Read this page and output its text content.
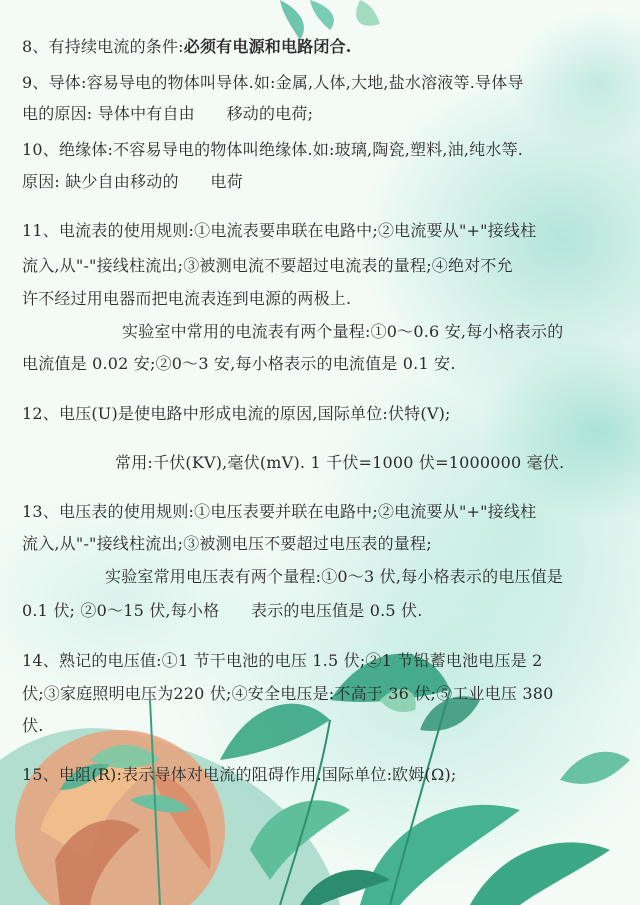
8、有持续电流的条件:必须有电源和电路闭合.
9、导体:容易导电的物体叫导体.如:金属,人体,大地,盐水溶液等.导体导
电的原因: 导体中有自由      移动的电荷;
10、绝缘体:不容易导电的物体叫绝缘体.如:玻璃,陶瓷,塑料,油,纯水等.
原因: 缺少自由移动的      电荷
11、电流表的使用规则:①电流表要串联在电路中;②电流要从"+"接线柱
流入,从"-"接线柱流出;③被测电流不要超过电流表的量程;④绝对不允
许不经过用电器而把电流表连到电源的两极上.
实验室中常用的电流表有两个量程:①0～0.6 安,每小格表示的
电流值是 0.02 安;②0～3 安,每小格表示的电流值是 0.1 安.
12、电压(U)是使电路中形成电流的原因,国际单位:伏特(V);
常用:千伏(KV),毫伏(mV). 1 千伏=1000 伏=1000000 毫伏.
13、电压表的使用规则:①电压表要并联在电路中;②电流要从"+"接线柱
流入,从"-"接线柱流出;③被测电压不要超过电压表的量程;
实验室常用电压表有两个量程:①0～3 伏,每小格表示的电压值是
0.1 伏; ②0～15 伏,每小格      表示的电压值是 0.5 伏.
14、熟记的电压值:①1 节干电池的电压 1.5 伏;②1 节铅蓄电池电压是 2
伏;③家庭照明电压为220 伏;④安全电压是:不高于 36 伏;⑤工业电压 380
伏.
15、电阻(R):表示导体对电流的阻碍作用.国际单位:欧姆(Ω);
